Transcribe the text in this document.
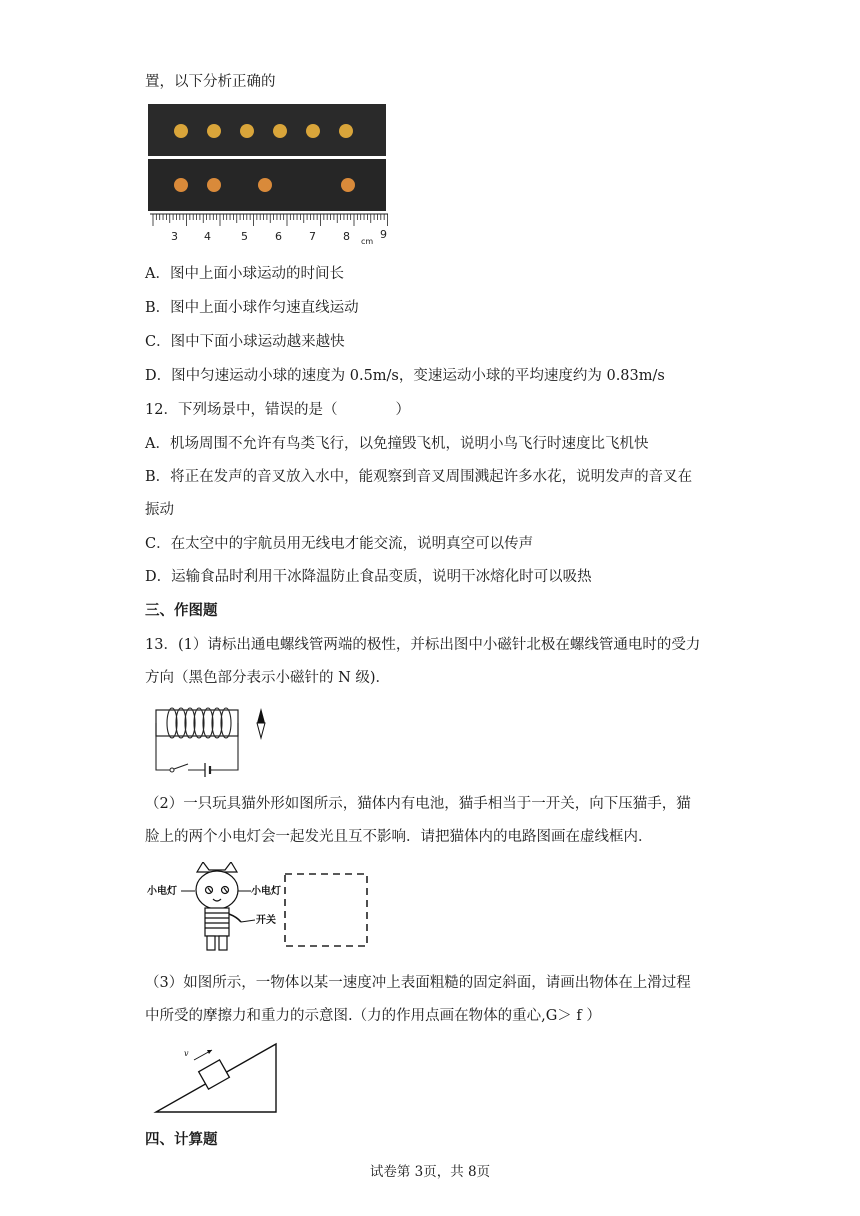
置，以下分析正确的
3 4	5 6 7 8	9
cm
A．图中上面小球运动的时间长
B．图中上面小球作匀速直线运动
C．图中下面小球运动越来越快
D．图中匀速运动小球的速度为 0.5m/s，变速运动小球的平均速度约为 0.83m/s
12．下列场景中，错误的是（　　　　）
A．机场周围不允许有鸟类飞行，以免撞毁飞机，说明小鸟飞行时速度比飞机快
B．将正在发声的音叉放入水中，能观察到音叉周围溅起许多水花，说明发声的音叉在
振动
C．在太空中的宇航员用无线电才能交流，说明真空可以传声
D．运输食品时利用干冰降温防止食品变质，说明干冰熔化时可以吸热
三、作图题
13．(1）请标出通电螺线管两端的极性，并标出图中小磁针北极在螺线管通电时的受力
方向（黑色部分表示小磁针的 N 级)．
（2）一只玩具猫外形如图所示，猫体内有电池，猫手相当于一开关，向下压猫手，猫
脸上的两个小电灯会一起发光且互不影响．请把猫体内的电路图画在虚线框内．
小电灯	小电灯
开关
（3）如图所示，一物体以某一速度冲上表面粗糙的固定斜面，请画出物体在上滑过程
中所受的摩擦力和重力的示意图.（力的作用点画在物体的重心,G＞ f ）
v
四、计算题
试卷第 3页，共 8页
